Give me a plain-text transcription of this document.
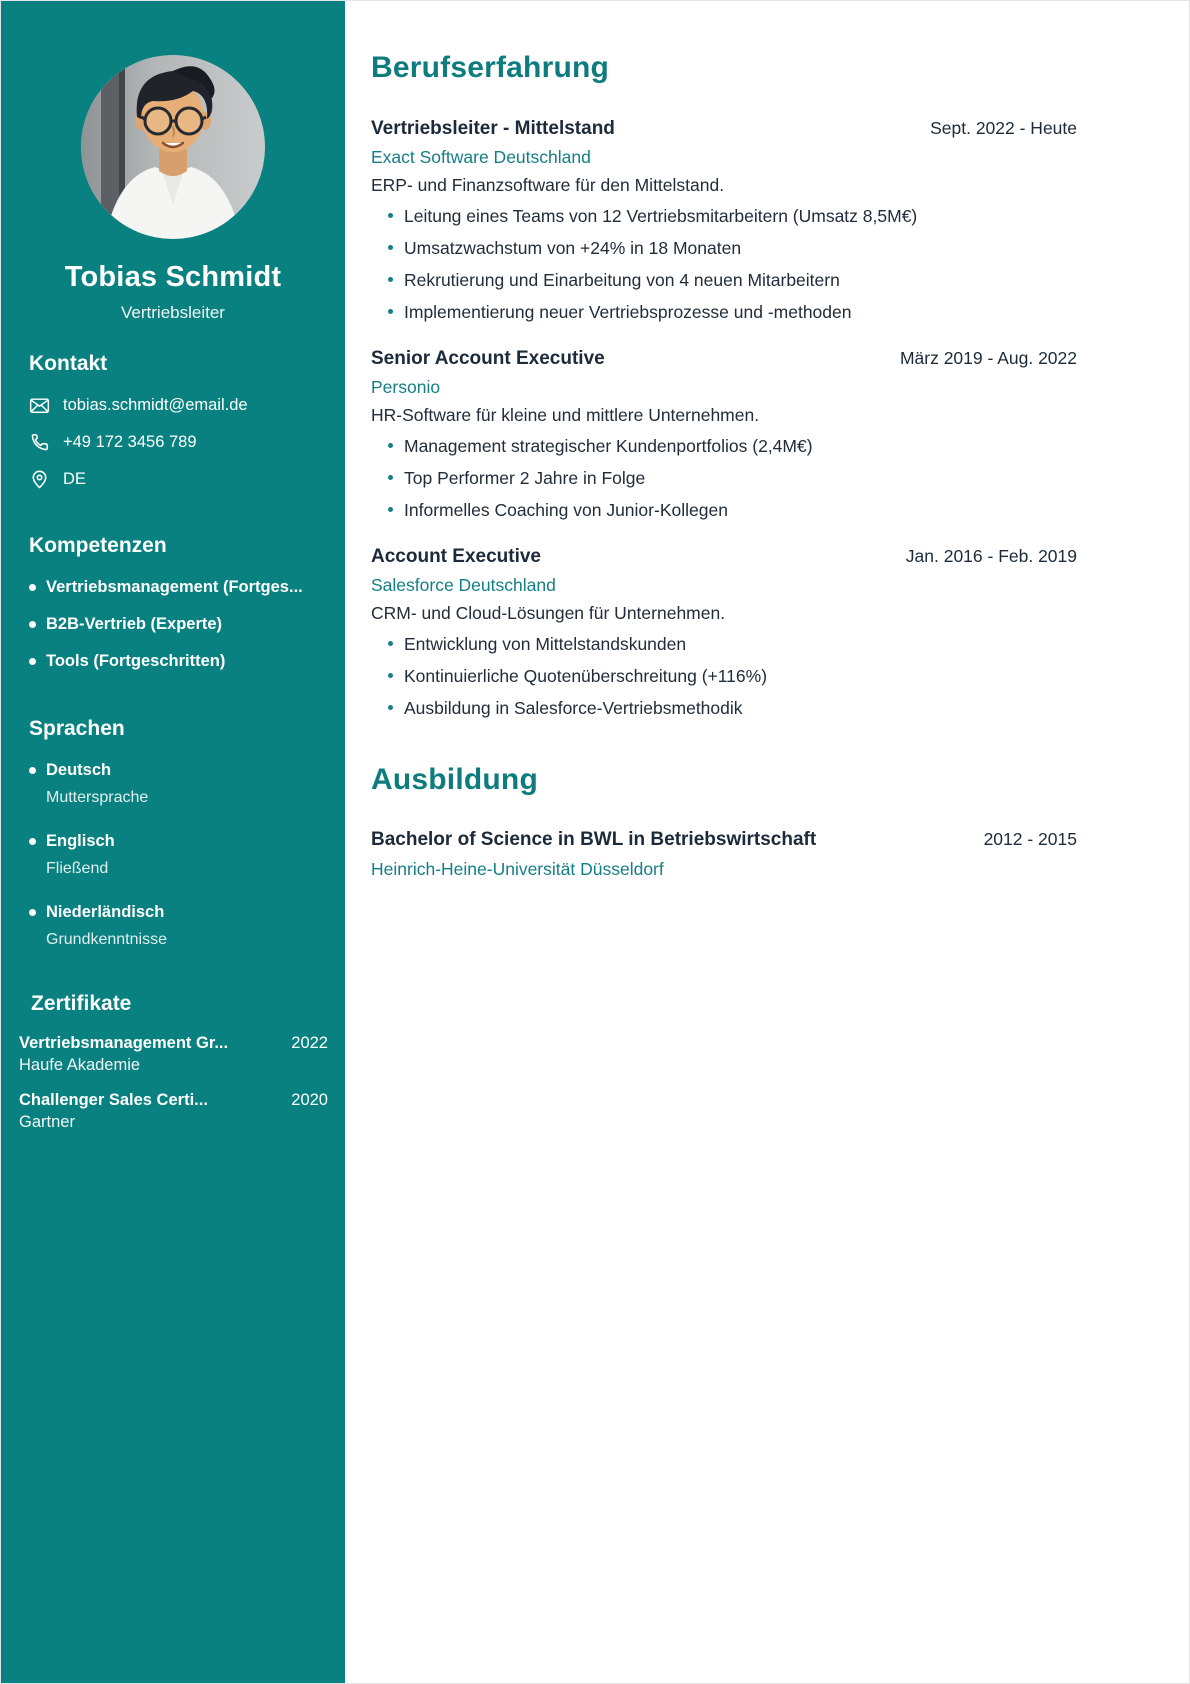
Tobias Schmidt
Vertriebsleiter
Kontakt
tobias.schmidt@email.de
+49 172 3456 789
DE
Kompetenzen
Vertriebsmanagement (Fortges...
B2B-Vertrieb (Experte)
Tools (Fortgeschritten)
Sprachen
Deutsch
Muttersprache
Englisch
Fließend
Niederländisch
Grundkenntnisse
Zertifikate
Vertriebsmanagement Gr...	2022
Haufe Akademie
Challenger Sales Certi...	2020
Gartner
Berufserfahrung
Vertriebsleiter - Mittelstand	Sept. 2022 - Heute
Exact Software Deutschland
ERP- und Finanzsoftware für den Mittelstand.
Leitung eines Teams von 12 Vertriebsmitarbeitern (Umsatz 8,5M€)
Umsatzwachstum von +24% in 18 Monaten
Rekrutierung und Einarbeitung von 4 neuen Mitarbeitern
Implementierung neuer Vertriebsprozesse und -methoden
Senior Account Executive	März 2019 - Aug. 2022
Personio
HR-Software für kleine und mittlere Unternehmen.
Management strategischer Kundenportfolios (2,4M€)
Top Performer 2 Jahre in Folge
Informelles Coaching von Junior-Kollegen
Account Executive	Jan. 2016 - Feb. 2019
Salesforce Deutschland
CRM- und Cloud-Lösungen für Unternehmen.
Entwicklung von Mittelstandskunden
Kontinuierliche Quotenüberschreitung (+116%)
Ausbildung in Salesforce-Vertriebsmethodik
Ausbildung
Bachelor of Science in BWL in Betriebswirtschaft	2012 - 2015
Heinrich-Heine-Universität Düsseldorf
